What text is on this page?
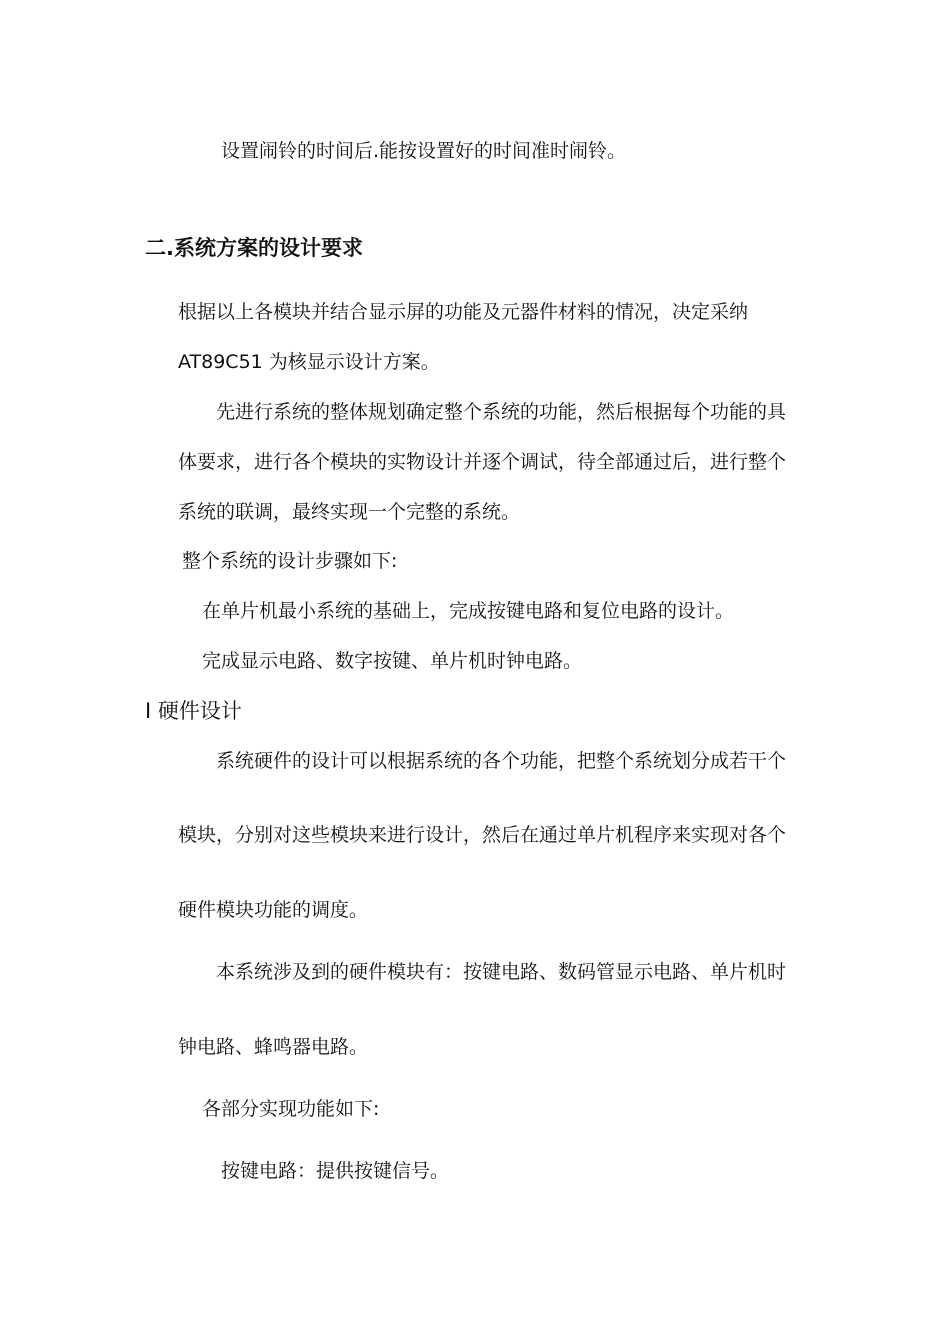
设置闹铃的时间后.能按设置好的时间准时闹铃。
二.系统方案的设计要求
根据以上各模块并结合显示屏的功能及元器件材料的情况，决定采纳
AT89C51 为核显示设计方案。
先进行系统的整体规划确定整个系统的功能，然后根据每个功能的具
体要求，进行各个模块的实物设计并逐个调试，待全部通过后，进行整个
系统的联调，最终实现一个完整的系统。
整个系统的设计步骤如下:
在单片机最小系统的基础上，完成按键电路和复位电路的设计。
完成显示电路、数字按键、单片机时钟电路。
I 硬件设计
系统硬件的设计可以根据系统的各个功能，把整个系统划分成若干个
模块，分别对这些模块来进行设计，然后在通过单片机程序来实现对各个
硬件模块功能的调度。
本系统涉及到的硬件模块有：按键电路、数码管显示电路、单片机时
钟电路、蜂鸣器电路。
各部分实现功能如下:
按键电路：提供按键信号。
